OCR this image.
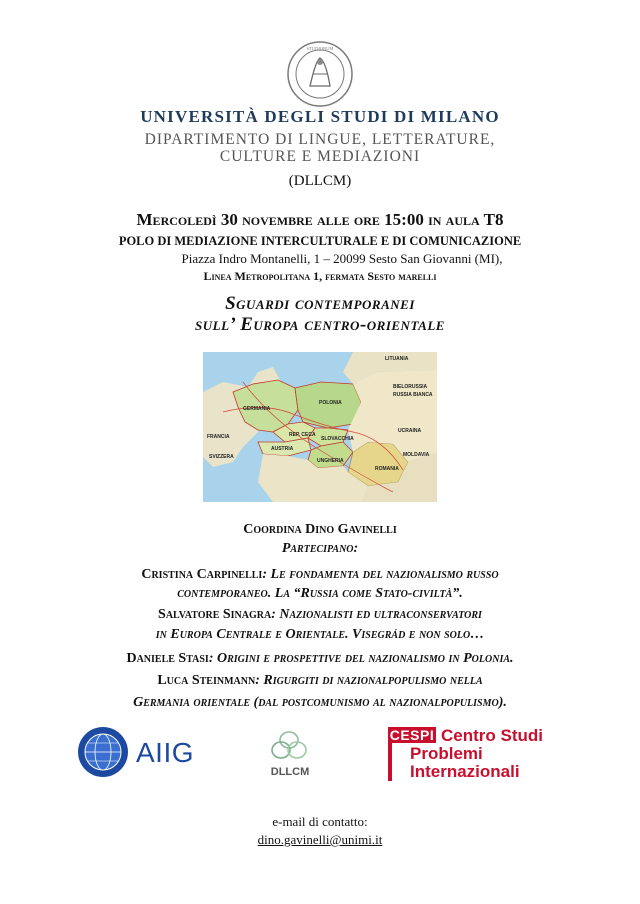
STUDIORUM
UNIVERSITÀ DEGLI STUDI DI MILANO
DIPARTIMENTO DI LINGUE, LETTERATURE,
CULTURE E MEDIAZIONI
(DLLCM)
Mercoledì 30 novembre alle ore 15:00 in aula T8
POLO DI MEDIAZIONE INTERCULTURALE E DI COMUNICAZIONE
Piazza Indro Montanelli, 1 – 20099 Sesto San Giovanni (MI),
Linea Metropolitana 1, fermata Sesto marelli
Sguardi contemporanei
sull’ Europa centro-orientale
LITUANIA
BIELORUSSIA
POLONIA
GERMANIA
REP. CECA
SLOVACCHIA
AUSTRIA
UNGHERIA
ROMANIA
UCRAINA
FRANCIA
SVIZZERA	MOLDAVIA
RUSSIA BIANCA
Coordina Dino Gavinelli
Partecipano:
Cristina Carpinelli: Le fondamenta del nazionalismo russo
contemporaneo. La “Russia come Stato-civiltà”.
Salvatore Sinagra: Nazionalisti ed ultraconservatori
in Europa Centrale e Orientale. Visegrád e non solo…
Daniele Stasi: Origini e prospettive del nazionalismo in Polonia.
Luca Steinmann: Rigurgiti di nazionalpopulismo nella
Germania orientale (dal postcomunismo al nazionalpopulismo).
AIIG
DLLCM
CESPI Centro Studi
Problemi
Internazionali
e-mail di contatto:
dino.gavinelli@unimi.it
